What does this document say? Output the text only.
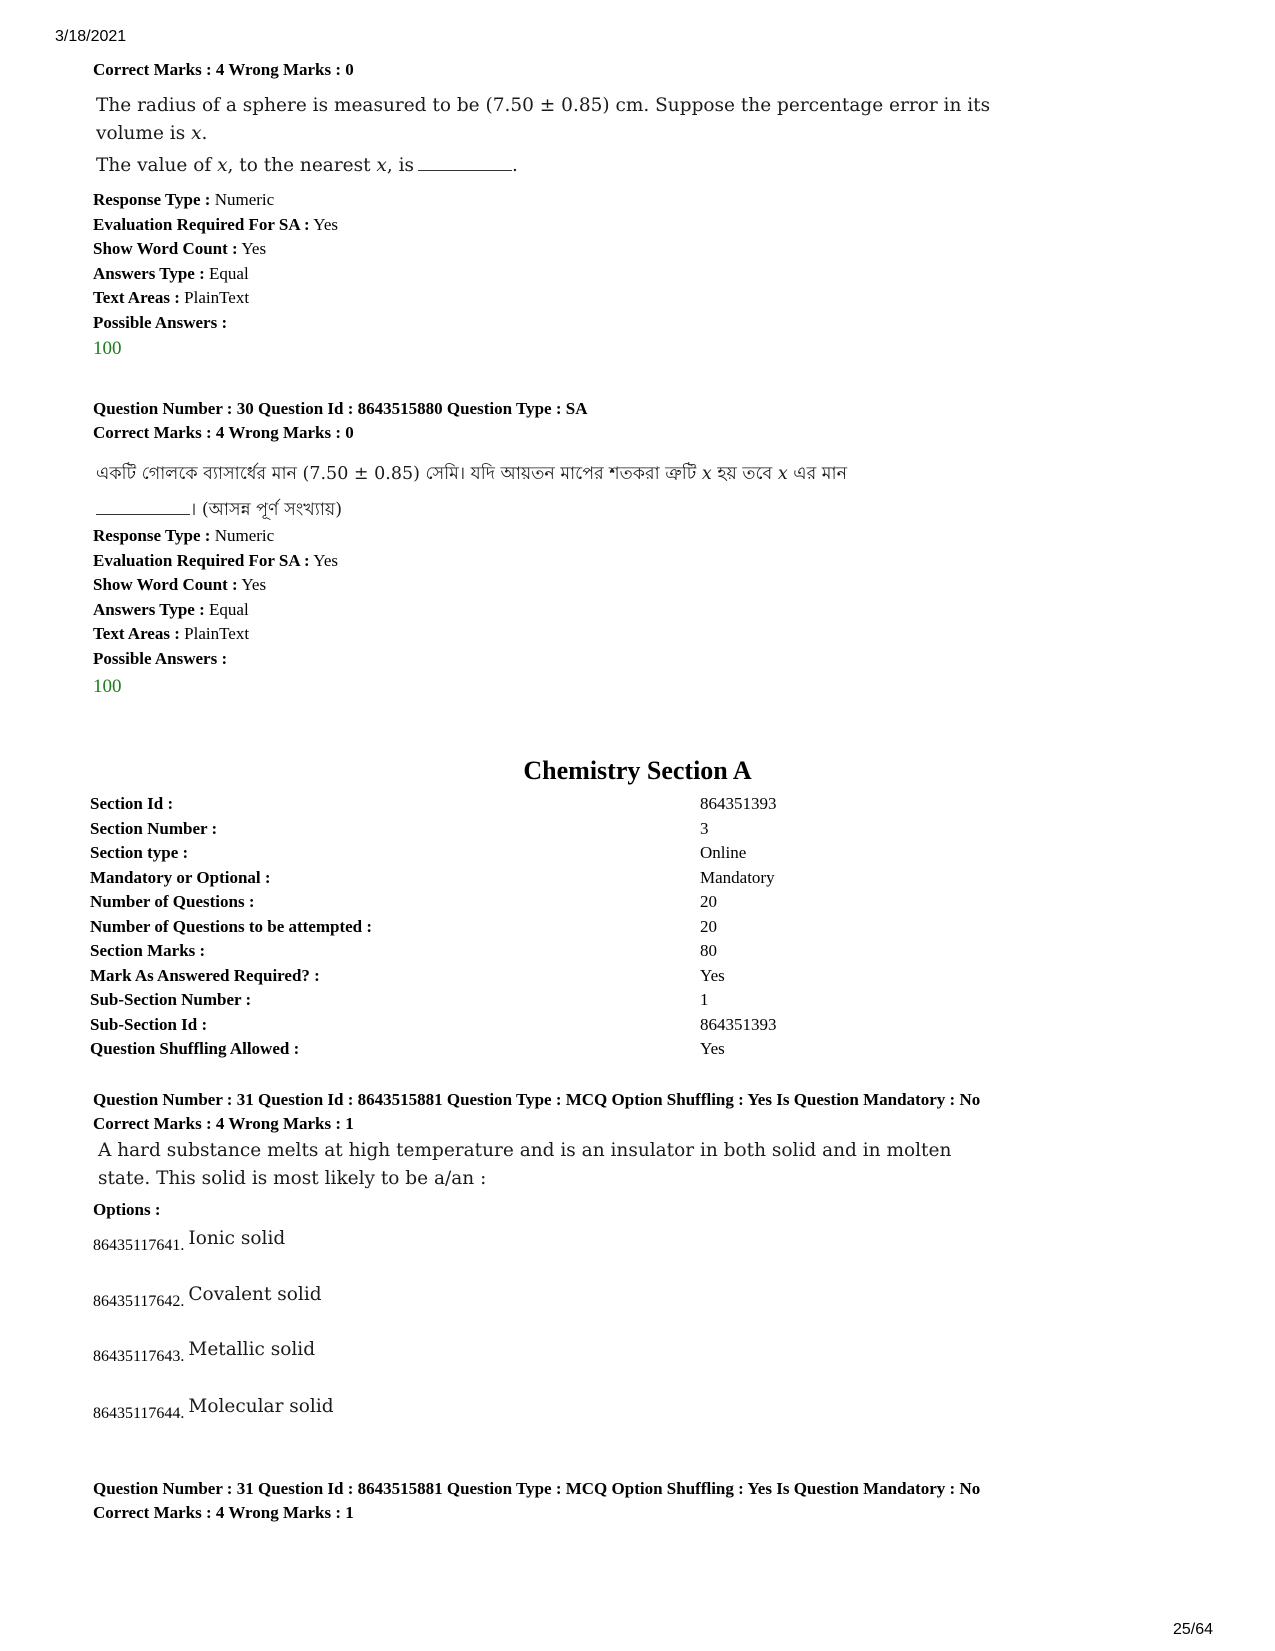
3/18/2021
Correct Marks : 4 Wrong Marks : 0
The radius of a sphere is measured to be (7.50 ± 0.85) cm. Suppose the percentage error in its
volume is x.
The value of x, to the nearest x, is	.
Response Type : Numeric
Evaluation Required For SA : Yes
Show Word Count : Yes
Answers Type : Equal
Text Areas : PlainText
Possible Answers :
100
Question Number : 30 Question Id : 8643515880 Question Type : SA
Correct Marks : 4 Wrong Marks : 0
একটি গোলকে ব্যাসার্ধের মান (7.50 ± 0.85) সেমি। যদি আয়তন মাপের শতকরা ত্রুটি x হয় তবে x এর মান
। (আসন্ন পূর্ণ সংখ্যায়)
Response Type : Numeric
Evaluation Required For SA : Yes
Show Word Count : Yes
Answers Type : Equal
Text Areas : PlainText
Possible Answers :
100
Chemistry Section A
Section Id :	864351393
Section Number :	3
Section type :	Online
Mandatory or Optional :	Mandatory
Number of Questions :	20
Number of Questions to be attempted :	20
Section Marks :	80
Mark As Answered Required? :	Yes
Sub-Section Number :	1
Sub-Section Id :	864351393
Question Shuffling Allowed :	Yes
Question Number : 31 Question Id : 8643515881 Question Type : MCQ Option Shuffling : Yes Is Question Mandatory : No
Correct Marks : 4 Wrong Marks : 1
A hard substance melts at high temperature and is an insulator in both solid and in molten
state. This solid is most likely to be a/an :
Options :
86435117641. Ionic solid
86435117642. Covalent solid
86435117643. Metallic solid
86435117644. Molecular solid
Question Number : 31 Question Id : 8643515881 Question Type : MCQ Option Shuffling : Yes Is Question Mandatory : No
Correct Marks : 4 Wrong Marks : 1
25/64
